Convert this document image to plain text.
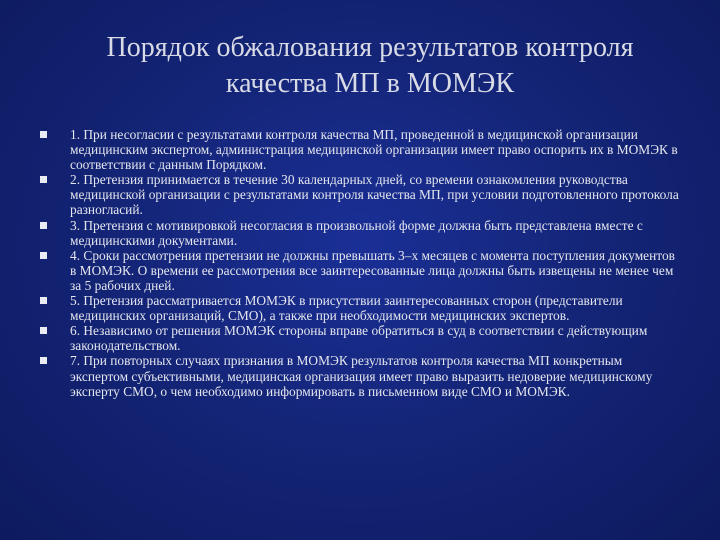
Порядок обжалования результатов контроля
качества МП в МОМЭК
1. При несогласии с результатами контроля качества МП, проведенной в медицинской организации медицинским экспертом, администрация медицинской организации имеет право оспорить их в МОМЭК в соответствии с данным Порядком.
2. Претензия принимается в течение 30 календарных дней, со времени ознакомления руководства медицинской организации с результатами контроля качества МП, при условии подготовленного протокола разногласий.
3. Претензия с мотивировкой несогласия в произвольной форме должна быть представлена вместе с медицинскими документами.
4. Сроки рассмотрения претензии не должны превышать 3–х месяцев с момента поступления документов в МОМЭК. О времени ее рассмотрения все заинтересованные лица должны быть извещены не менее чем за 5 рабочих дней.
5. Претензия рассматривается МОМЭК в присутствии заинтересованных сторон (представители медицинских организаций, СМО), а также при необходимости медицинских экспертов.
6. Независимо от решения МОМЭК стороны вправе обратиться в суд в соответствии с действующим законодательством.
7. При повторных случаях признания в МОМЭК результатов контроля качества МП конкретным экспертом субъективными, медицинская организация имеет право выразить недоверие медицинскому эксперту СМО, о чем необходимо информировать в письменном виде СМО и МОМЭК.
